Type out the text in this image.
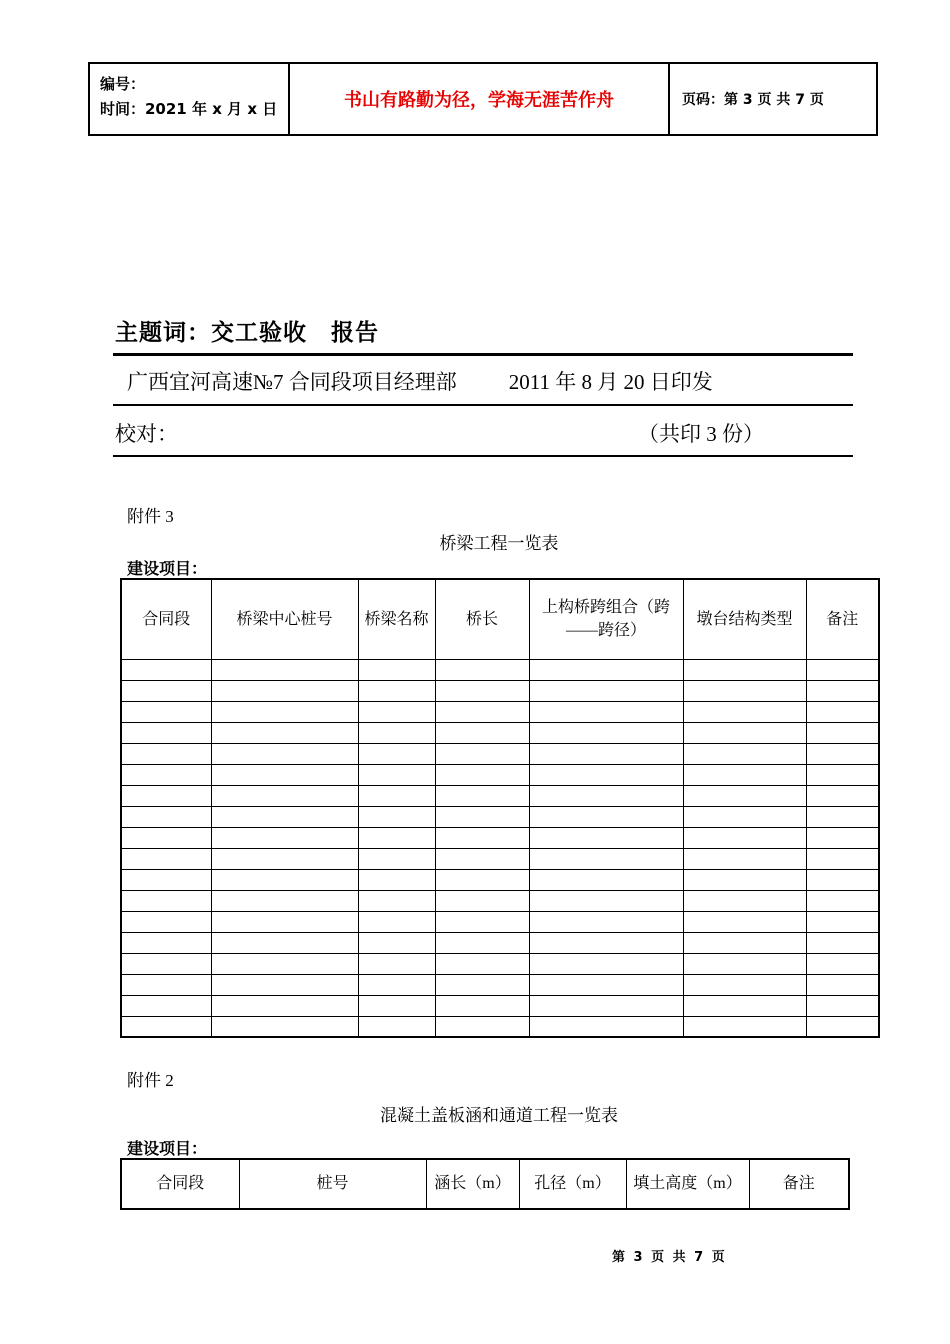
编号：
时间：2021 年 x 月 x 日	书山有路勤为径，学海无涯苦作舟	页码：第 3 页 共 7 页
主题词：交工验收　报告
广西宜河高速№7 合同段项目经理部 2011 年 8 月 20 日印发
校对：	（共印 3 份）
附件 3
桥梁工程一览表
建设项目：
合同段	桥梁中心桩号	桥梁名称	桥长	上构桥跨组合（跨——跨径）	墩台结构类型	备注

附件 2
混凝土盖板涵和通道工程一览表
建设项目：
合同段	桩号	涵长（m）	孔径（m）	填土高度（m）	备注
第 3 页 共 7 页
